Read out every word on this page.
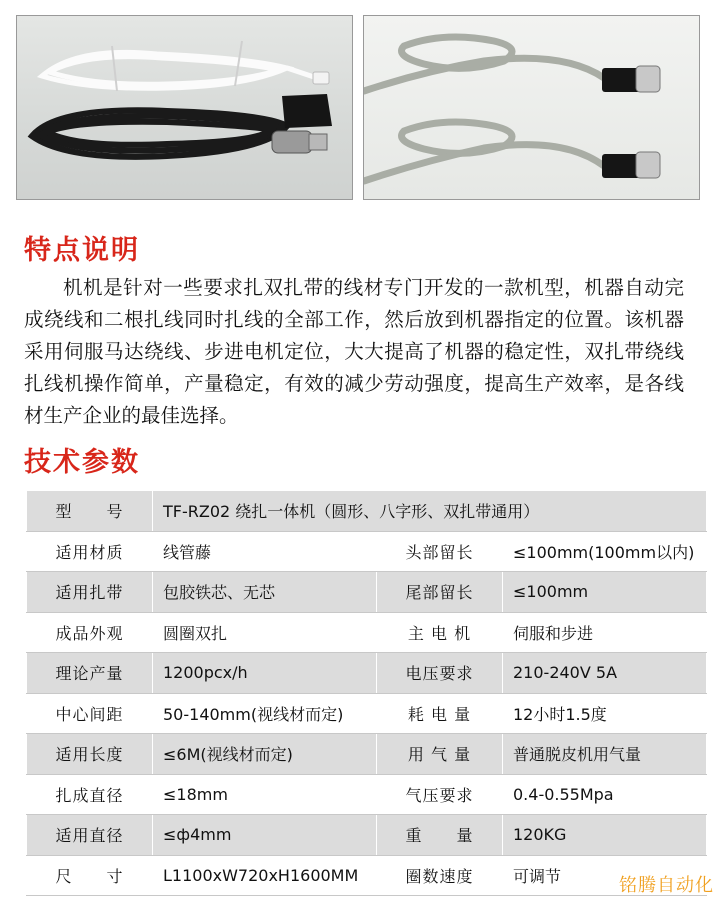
特点说明

机机是针对一些要求扎双扎带的线材专门开发的一款机型，机器自动完成绕线和二根扎线同时扎线的全部工作，然后放到机器指定的位置。该机器采用伺服马达绕线、步进电机定位，大大提高了机器的稳定性，双扎带绕线扎线机操作简单，产量稳定，有效的减少劳动强度，提高生产效率，是各线材生产企业的最佳选择。

技术参数
型　　号	TF-RZ02 绕扎一体机（圆形、八字形、双扎带通用）		
适用材质	线管藤	头部留长	≤100mm(100mm以内)
适用扎带	包胶铁芯、无芯	尾部留长	≤100mm
成品外观	圆圈双扎	主 电 机	伺服和步进
理论产量	1200pcx/h	电压要求	210-240V 5A
中心间距	50-140mm(视线材而定)	耗 电 量	12小时1.5度
适用长度	≤6M(视线材而定)	用 气 量	普通脱皮机用气量
扎成直径	≤18mm	气压要求	0.4-0.55Mpa
适用直径	≤ф4mm	重　　量	120KG
尺　　寸	L1100xW720xH1600MM	圈数速度	可调节	铭腾自动化
